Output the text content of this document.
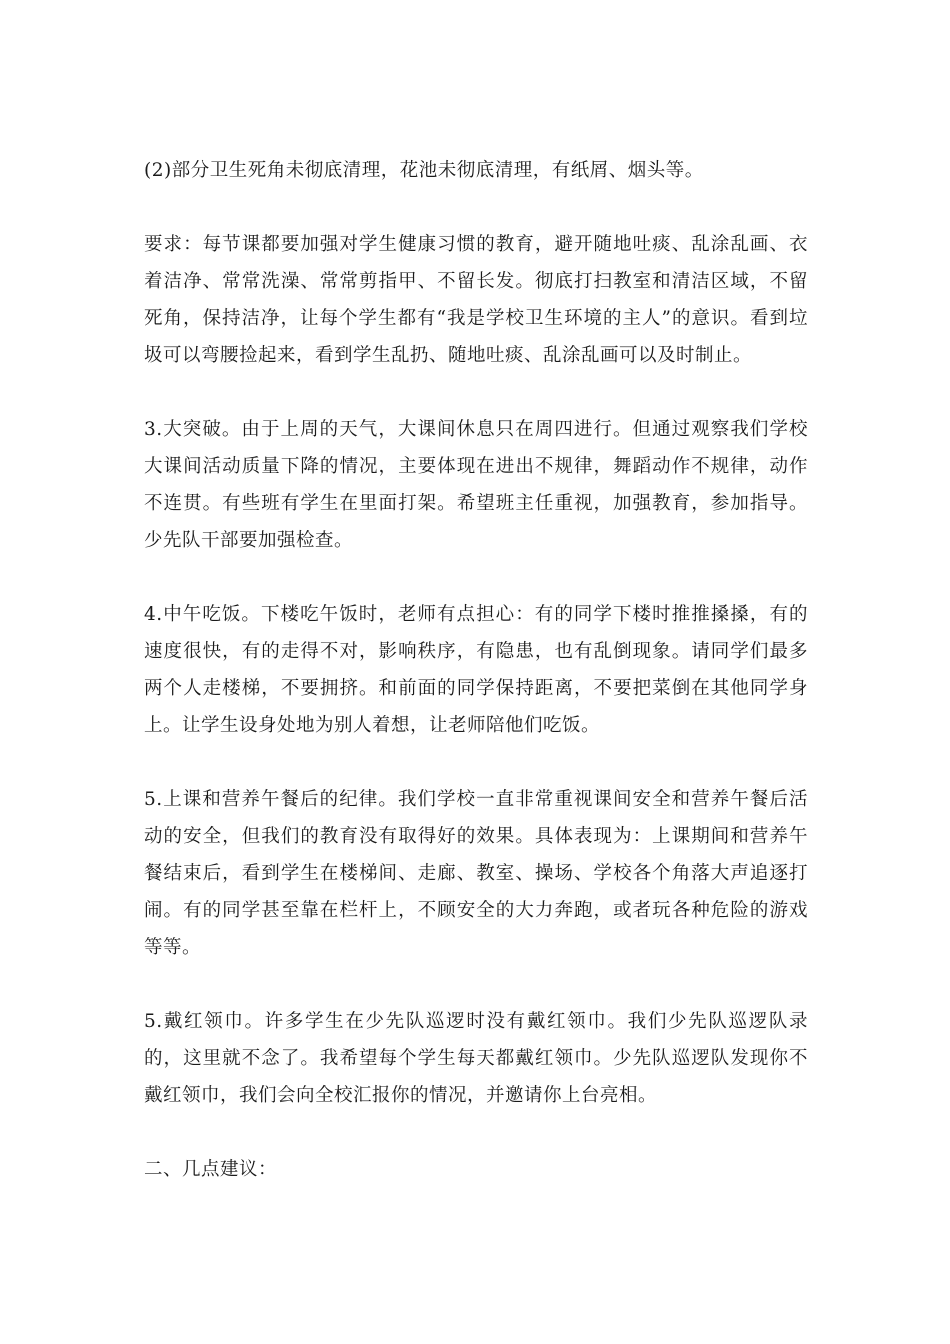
(2)部分卫生死角未彻底清理，花池未彻底清理，有纸屑、烟头等。

要求：每节课都要加强对学生健康习惯的教育，避开随地吐痰、乱涂乱画、衣着洁净、常常洗澡、常常剪指甲、不留长发。彻底打扫教室和清洁区域，不留死角，保持洁净，让每个学生都有“我是学校卫生环境的主人”的意识。看到垃圾可以弯腰捡起来，看到学生乱扔、随地吐痰、乱涂乱画可以及时制止。

3.大突破。由于上周的天气，大课间休息只在周四进行。但通过观察我们学校大课间活动质量下降的情况，主要体现在进出不规律，舞蹈动作不规律，动作不连贯。有些班有学生在里面打架。希望班主任重视，加强教育，参加指导。少先队干部要加强检查。

4.中午吃饭。下楼吃午饭时，老师有点担心：有的同学下楼时推推搡搡，有的速度很快，有的走得不对，影响秩序，有隐患，也有乱倒现象。请同学们最多两个人走楼梯，不要拥挤。和前面的同学保持距离，不要把菜倒在其他同学身上。让学生设身处地为别人着想，让老师陪他们吃饭。

5.上课和营养午餐后的纪律。我们学校一直非常重视课间安全和营养午餐后活动的安全，但我们的教育没有取得好的效果。具体表现为：上课期间和营养午餐结束后，看到学生在楼梯间、走廊、教室、操场、学校各个角落大声追逐打闹。有的同学甚至靠在栏杆上，不顾安全的大力奔跑，或者玩各种危险的游戏等等。

5.戴红领巾。许多学生在少先队巡逻时没有戴红领巾。我们少先队巡逻队录的，这里就不念了。我希望每个学生每天都戴红领巾。少先队巡逻队发现你不戴红领巾，我们会向全校汇报你的情况，并邀请你上台亮相。

二、几点建议：
